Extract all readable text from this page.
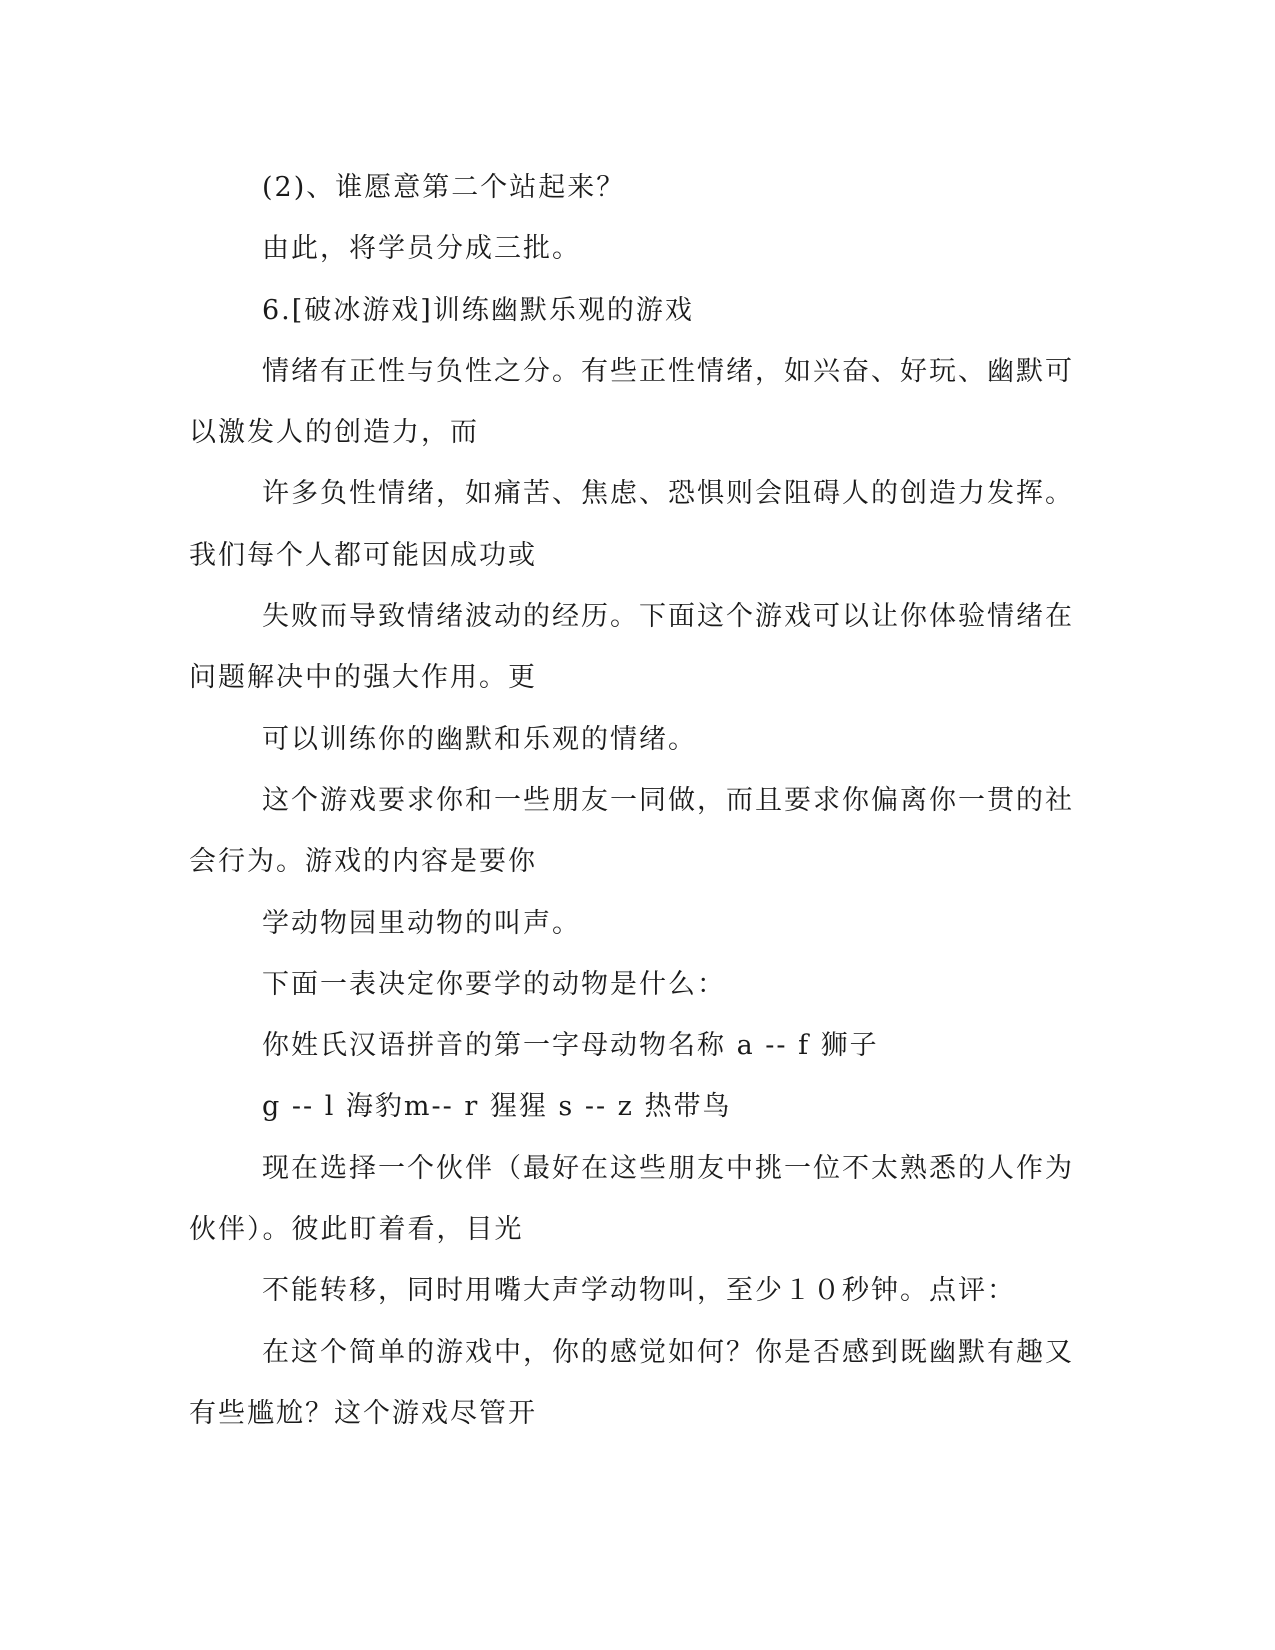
(2)、谁愿意第二个站起来？
由此，将学员分成三批。
6.[破冰游戏]训练幽默乐观的游戏
情绪有正性与负性之分。有些正性情绪，如兴奋、好玩、幽默可
以激发人的创造力，而
许多负性情绪，如痛苦、焦虑、恐惧则会阻碍人的创造力发挥。
我们每个人都可能因成功或
失败而导致情绪波动的经历。下面这个游戏可以让你体验情绪在
问题解决中的强大作用。更
可以训练你的幽默和乐观的情绪。
这个游戏要求你和一些朋友一同做，而且要求你偏离你一贯的社
会行为。游戏的内容是要你
学动物园里动物的叫声。
下面一表决定你要学的动物是什么：
你姓氏汉语拼音的第一字母动物名称 a -- f 狮子
g -- l 海豹m-- r 猩猩 s -- z 热带鸟
现在选择一个伙伴（最好在这些朋友中挑一位不太熟悉的人作为
伙伴）。彼此盯着看，目光
不能转移，同时用嘴大声学动物叫，至少１０秒钟。点评：
在这个简单的游戏中，你的感觉如何？你是否感到既幽默有趣又
有些尴尬？这个游戏尽管开
